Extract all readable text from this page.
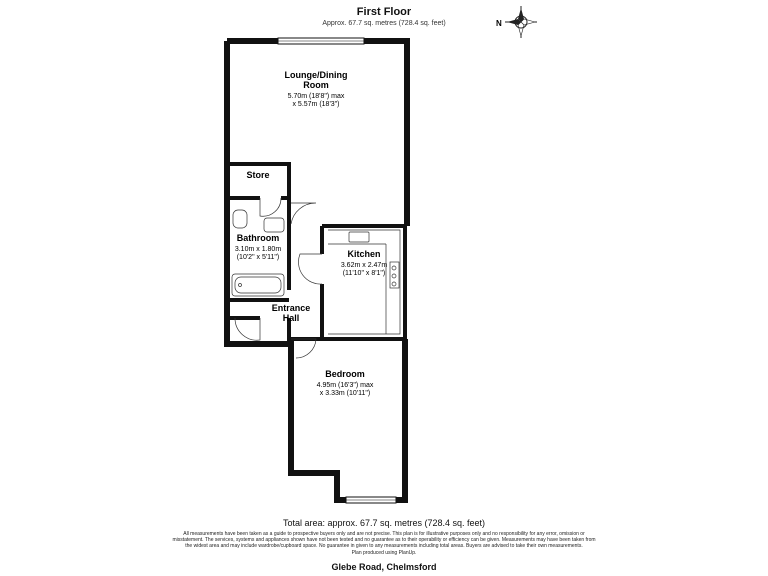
First Floor
Approx. 67.7 sq. metres (728.4 sq. feet)	N
Lounge/Dining
Room
5.70m (18'8") max
x 5.57m (18'3")
Store
Bathroom
3.10m x 1.80m
(10'2" x 5'11")	Kitchen
3.62m x 2.47m
(11'10" x 8'1")
Entrance
Hall
Bedroom
4.95m (16'3") max
x 3.33m (10'11")
Total area: approx. 67.7 sq. metres (728.4 sq. feet)
All measurements have been taken as a guide to prospective buyers only and are not precise. This plan is for illustrative purposes only and no responsibility for any error, omission or
misstatement. The services, systems and appliances shown have not been tested and no guarantee as to their operability or efficiency can be given. Measurements may have been taken from
the widest area and may include wardrobe/cupboard space. No guarantee in given to any measurements including total areas. Buyers are advised to take their own measurements.
Plan produced using PlanUp.
Glebe Road, Chelmsford
